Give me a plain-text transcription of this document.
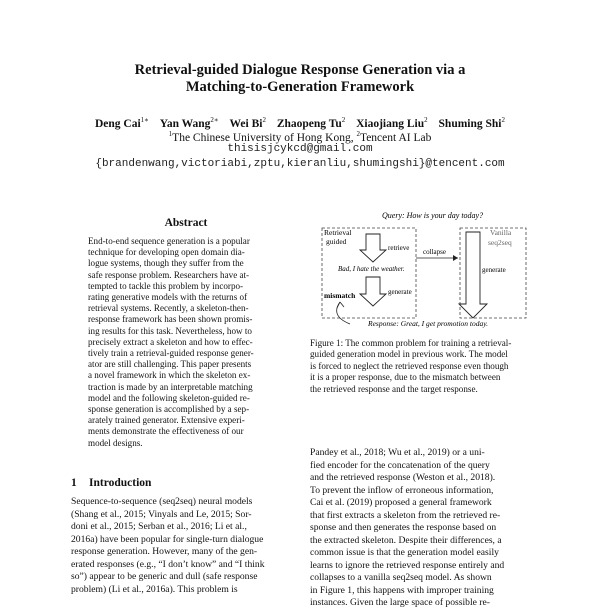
Retrieval-guided Dialogue Response Generation via a
Matching-to-Generation Framework
Deng Cai$^{1∗}$ Yan Wang$^{2∗}$ Wei Bi$^2$ Zhaopeng Tu$^2$ Xiaojiang Liu$^2$ Shuming Shi$^2$
$^1$The Chinese University of Hong Kong, $^2$Tencent AI Lab
thisisjcykcd@gmail.com
{brandenwang,victoriabi,zptu,kieranliu,shumingshi}@tencent.com
Abstract
End-to-end sequence generation is a popular
technique for developing open domain dia-
logue systems, though they suffer from the
safe response problem. Researchers have at-
tempted to tackle this problem by incorpo-
rating generative models with the returns of
retrieval systems. Recently, a skeleton-then-
response framework has been shown promis-
ing results for this task. Nevertheless, how to
precisely extract a skeleton and how to effec-
tively train a retrieval-guided response gener-
ator are still challenging. This paper presents
a novel framework in which the skeleton ex-
traction is made by an interpretable matching
model and the following skeleton-guided re-
sponse generation is accomplished by a sep-
arately trained generator. Extensive experi-
ments demonstrate the effectiveness of our
model designs.
1 Introduction
Sequence-to-sequence (seq2seq) neural models
(Shang et al., 2015; Vinyals and Le, 2015; Sor-
doni et al., 2015; Serban et al., 2016; Li et al.,
2016a) have been popular for single-turn dialogue
response generation. However, many of the gen-
erated responses (e.g., “I don’t know” and “I think
so”) appear to be generic and dull (safe response
problem) (Li et al., 2016a). This problem is
Query: How is your day today?
Retrieval
guided
retrieve
Bad, I hate the weather.
generate
mismatch
collapse
Vanilla
seq2seq
generate
Response: Great, I get promotion today.
Figure 1: The common problem for training a retrieval-
guided generation model in previous work. The model
is forced to neglect the retrieved response even though
it is a proper response, due to the mismatch between
the retrieved response and the target response.
Pandey et al., 2018; Wu et al., 2019) or a uni-
fied encoder for the concatenation of the query
and the retrieved response (Weston et al., 2018).
To prevent the inflow of erroneous information,
Cai et al. (2019) proposed a general framework
that first extracts a skeleton from the retrieved re-
sponse and then generates the response based on
the extracted skeleton. Despite their differences, a
common issue is that the generation model easily
learns to ignore the retrieved response entirely and
collapses to a vanilla seq2seq model. As shown
in Figure 1, this happens with improper training
instances. Given the large space of possible re-
